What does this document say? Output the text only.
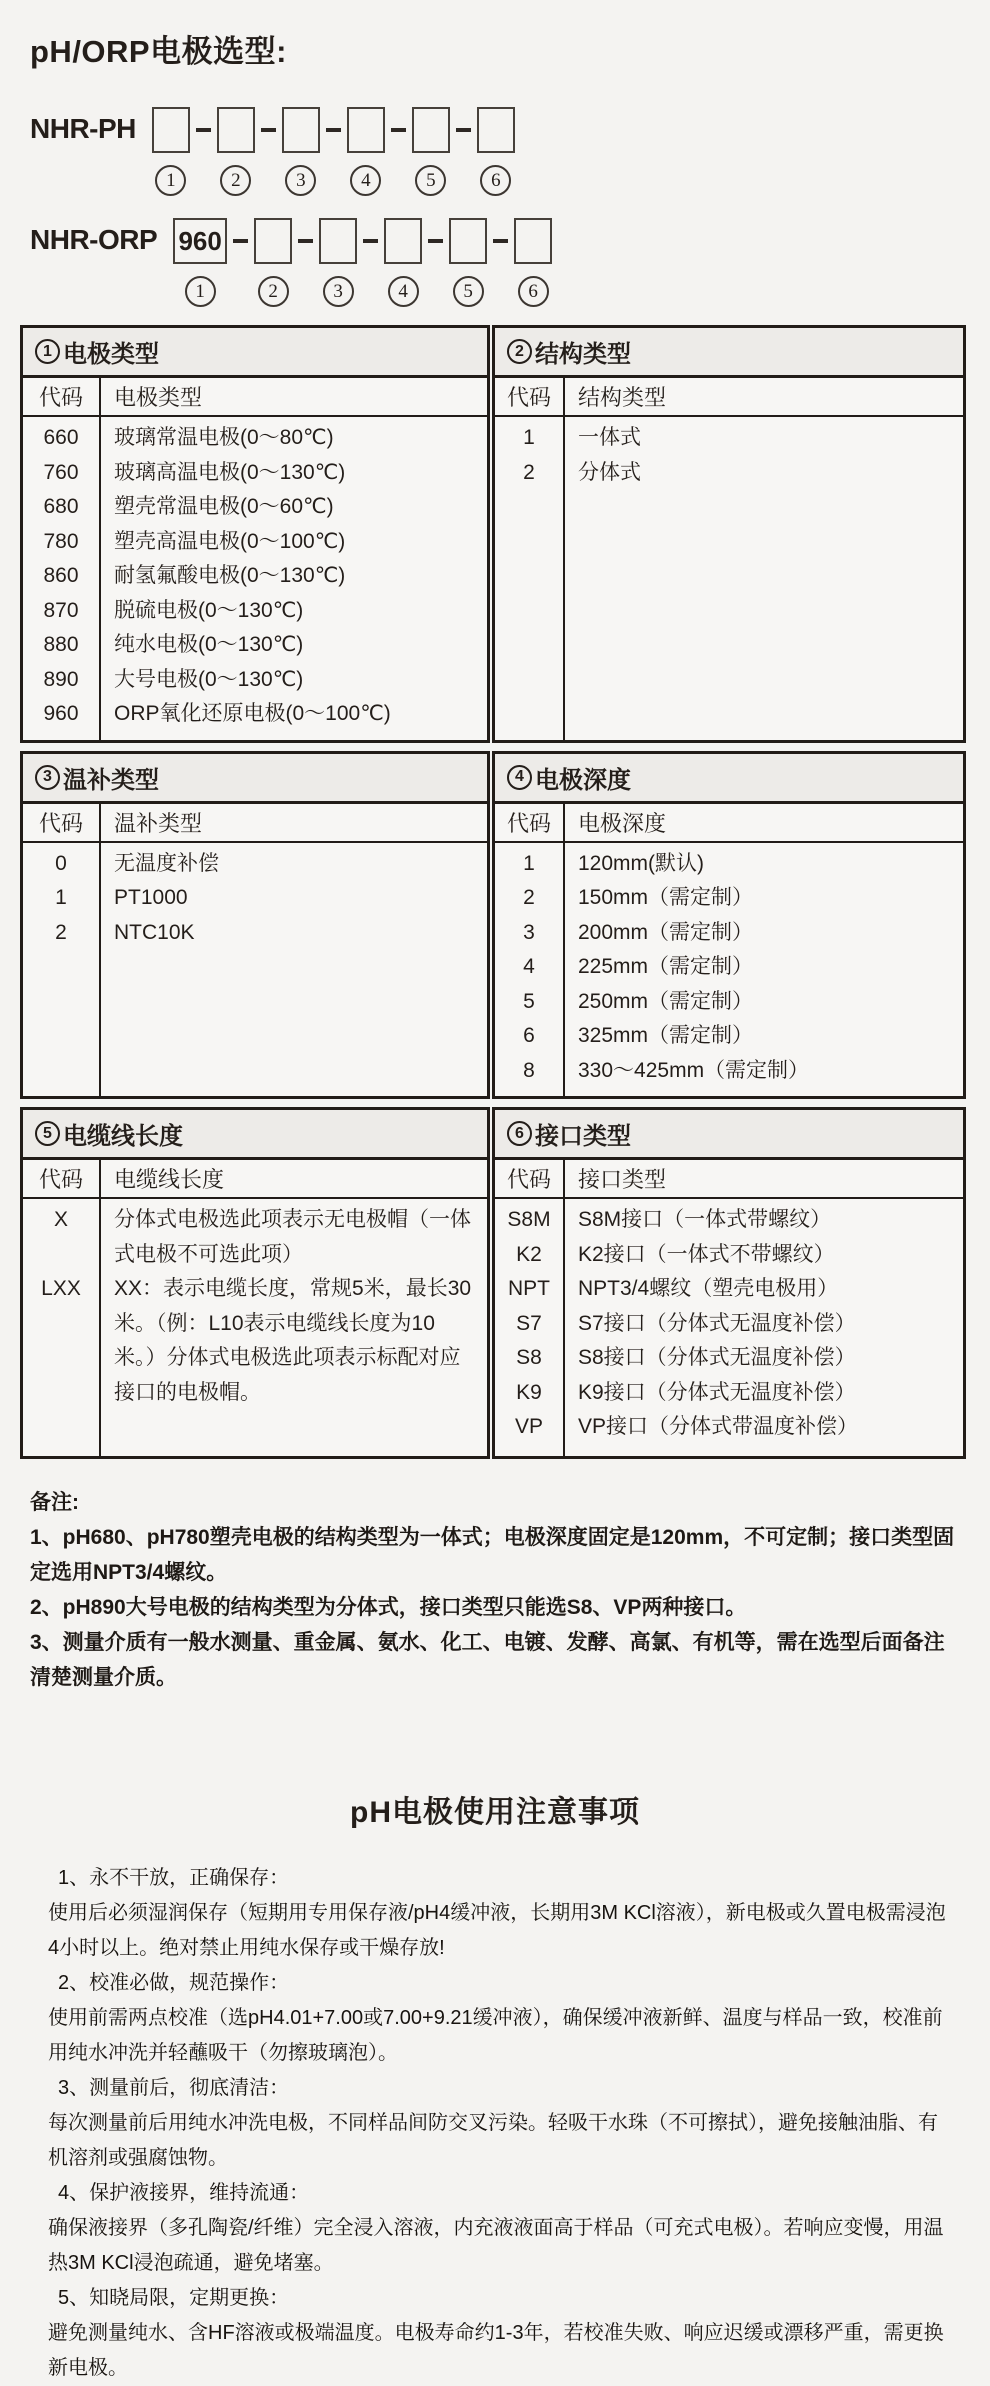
pH/ORP电极选型:
NHR-PH
1	2	3	4	5	6
NHR-ORP 960
1	2	3	4	5	6
1 电极类型
代码	电极类型
660	玻璃常温电极(0～80℃)
760	玻璃高温电极(0～130℃)
680	塑壳常温电极(0～60℃)
780	塑壳高温电极(0～100℃)
860	耐氢氟酸电极(0～130℃)
870	脱硫电极(0～130℃)
880	纯水电极(0～130℃)
890	大号电极(0～130℃)
960	ORP氧化还原电极(0～100℃)
2 结构类型
代码	结构类型
1	一体式
2	分体式
3 温补类型
代码	温补类型
0	无温度补偿
1	PT1000
2	NTC10K
4 电极深度
代码	电极深度
1	120mm(默认)
2	150mm（需定制）
3	200mm（需定制）
4	225mm（需定制）
5	250mm（需定制）
6	325mm（需定制）
8	330～425mm（需定制）
5 电缆线长度
代码	电缆线长度
X	分体式电极选此项表示无电极帽（一体式电极不可选此项）
LXX	XX：表示电缆长度，常规5米，最长30米。（例：L10表示电缆线长度为10米。）分体式电极选此项表示标配对应接口的电极帽。
6 接口类型
代码	接口类型
S8M	S8M接口（一体式带螺纹）
K2	K2接口（一体式不带螺纹）
NPT	NPT3/4螺纹（塑壳电极用）
S7	S7接口（分体式无温度补偿）
S8	S8接口（分体式无温度补偿）
K9	K9接口（分体式无温度补偿）
VP	VP接口（分体式带温度补偿）
备注:
1、pH680、pH780塑壳电极的结构类型为一体式；电极深度固定是120mm，不可定制；接口类型固定选用NPT3/4螺纹。
2、pH890大号电极的结构类型为分体式，接口类型只能选S8、VP两种接口。
3、测量介质有一般水测量、重金属、氨水、化工、电镀、发酵、高氯、有机等，需在选型后面备注清楚测量介质。
pH电极使用注意事项
1、永不干放，正确保存：
使用后必须湿润保存（短期用专用保存液/pH4缓冲液，长期用3M KCl溶液），新电极或久置电极需浸泡4小时以上。绝对禁止用纯水保存或干燥存放!
2、校准必做，规范操作：
使用前需两点校准（选pH4.01+7.00或7.00+9.21缓冲液），确保缓冲液新鲜、温度与样品一致，校准前用纯水冲洗并轻蘸吸干（勿擦玻璃泡）。
3、测量前后，彻底清洁：
每次测量前后用纯水冲洗电极，不同样品间防交叉污染。轻吸干水珠（不可擦拭），避免接触油脂、有机溶剂或强腐蚀物。
4、保护液接界，维持流通：
确保液接界（多孔陶瓷/纤维）完全浸入溶液，内充液液面高于样品（可充式电极）。若响应变慢，用温热3M KCl浸泡疏通，避免堵塞。
5、知晓局限，定期更换：
避免测量纯水、含HF溶液或极端温度。电极寿命约1-3年，若校准失败、响应迟缓或漂移严重，需更换新电极。
